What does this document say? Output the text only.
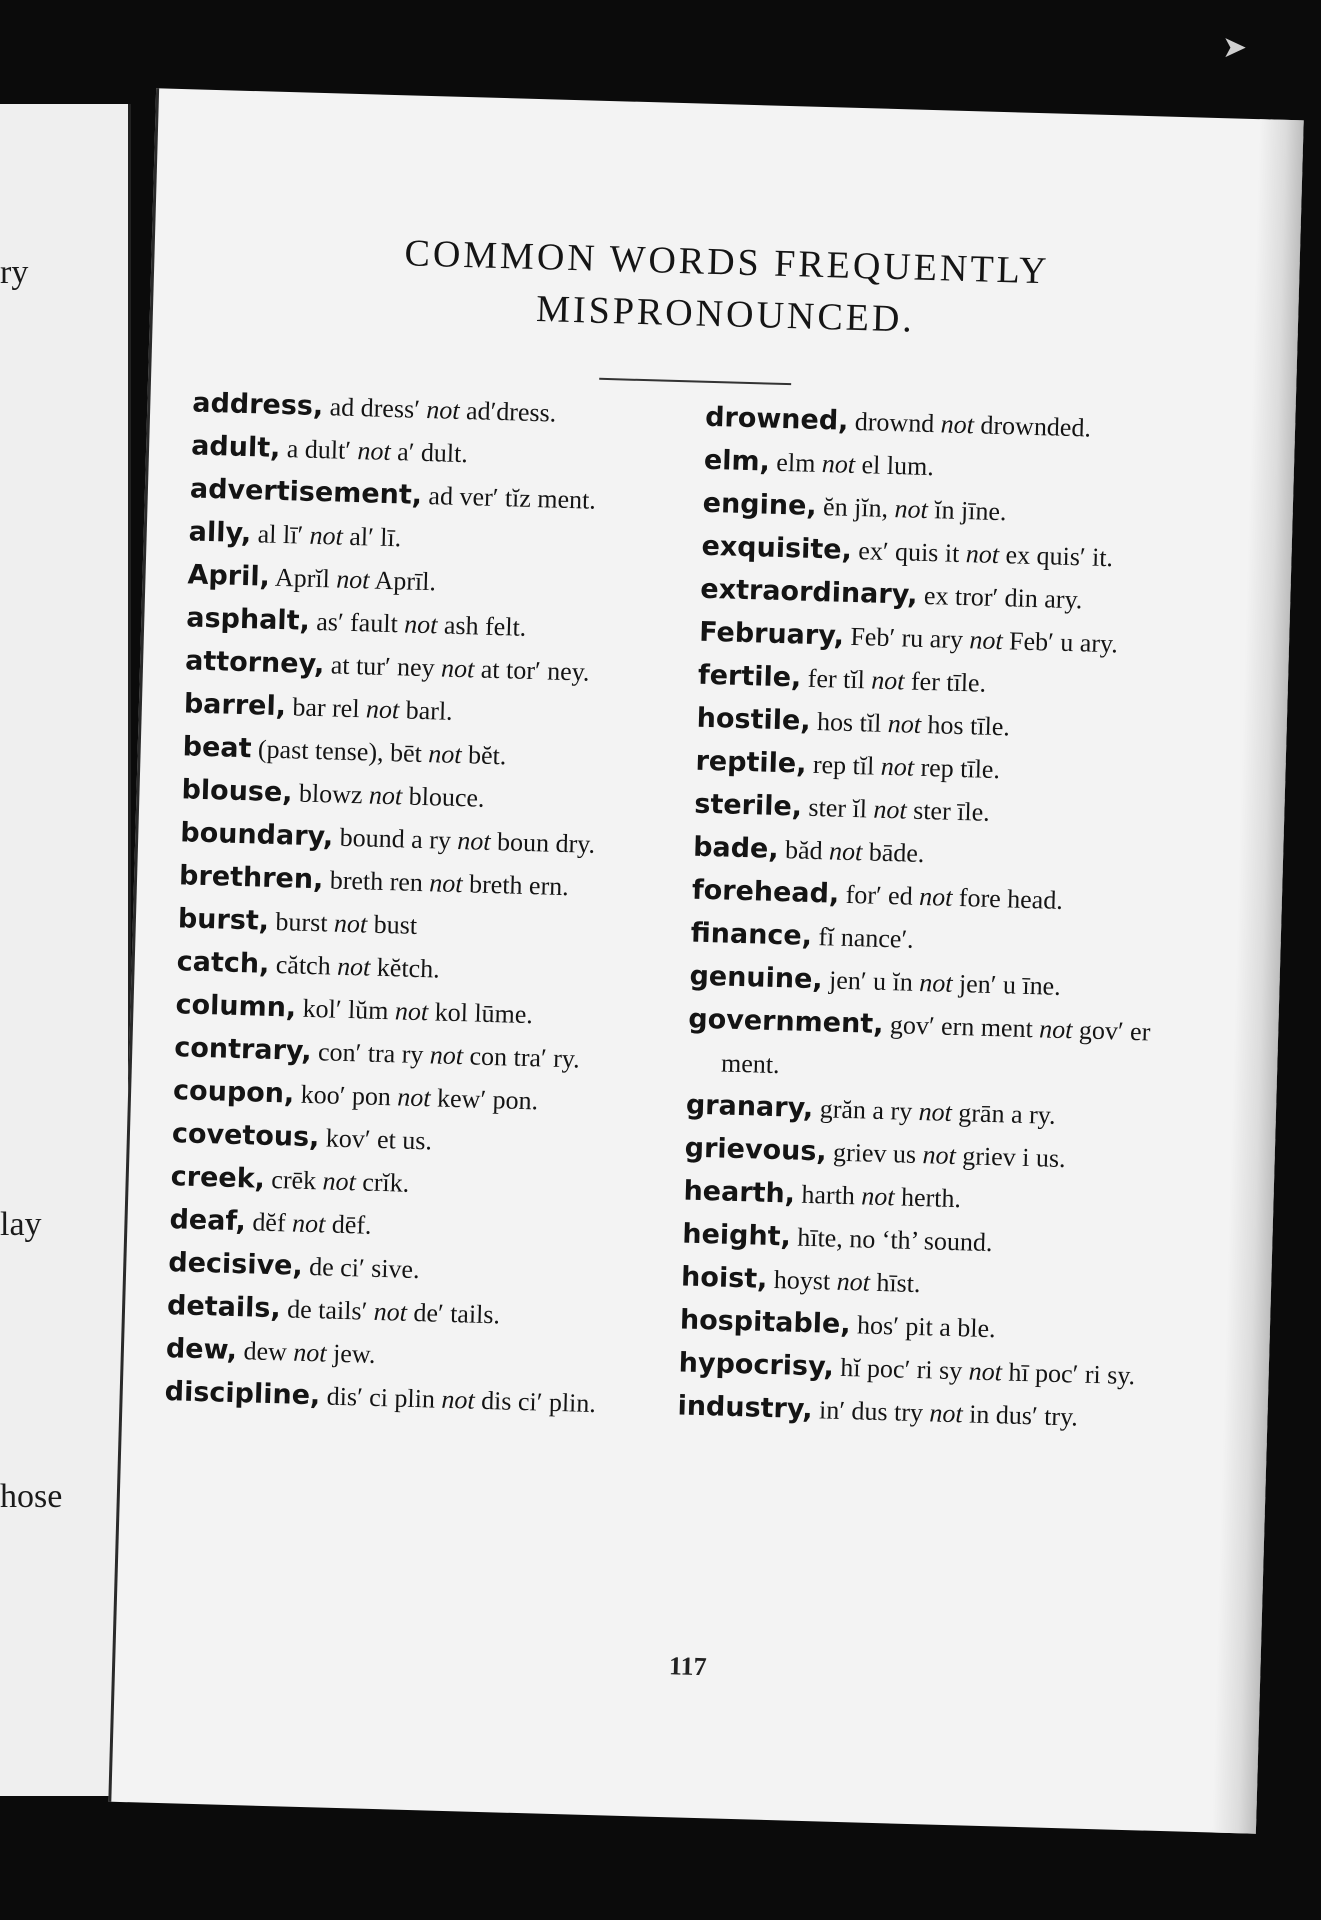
ry
lay
hose
➤
COMMON WORDS FREQUENTLY
MISPRONOUNCED.

address, ad dress′ not ad′dress.

adult, a dult′ not a′ dult.

advertisement, ad ver′ tĭz ment.

ally, al lī′ not al′ lī.

April, Aprĭl not Aprīl.

asphalt, as′ fault not ash felt.

attorney, at tur′ ney not at tor′ ney.

barrel, bar rel not barl.

beat (past tense), bēt not bĕt.

blouse, blowz not blouce.

boundary, bound a ry not boun dry.

brethren, breth ren not breth ern.

burst, burst not bust

catch, cătch not kĕtch.

column, kol′ lŭm not kol lūme.

contrary, con′ tra ry not con tra′ ry.

coupon, koo′ pon not kew′ pon.

covetous, kov′ et us.

creek, crēk not crĭk.

deaf, dĕf not dēf.

decisive, de ci′ sive.

details, de tails′ not de′ tails.

dew, dew not jew.

discipline, dis′ ci plin not dis ci′ plin.

drowned, drownd not drownded.

elm, elm not el lum.

engine, ĕn jĭn, not ĭn jīne.

exquisite, ex′ quis it not ex quis′ it.

extraordinary, ex tror′ din ary.

February, Feb′ ru ary not Feb′ u ary.

fertile, fer tĭl not fer tīle.

hostile, hos tĭl not hos tīle.

reptile, rep tĭl not rep tīle.

sterile, ster ĭl not ster īle.

bade, băd not bāde.

forehead, for′ ed not fore head.

finance, fĭ nance′.

genuine, jen′ u ĭn not jen′ u īne.

government, gov′ ern ment not gov′ er ment.

granary, grăn a ry not grān a ry.

grievous, griev us not griev i us.

hearth, harth not herth.

height, hīte, no ‘th’ sound.

hoist, hoyst not hīst.

hospitable, hos′ pit a ble.

hypocrisy, hĭ poc′ ri sy not hī poc′ ri sy.

industry, in′ dus try not in dus′ try.

117
